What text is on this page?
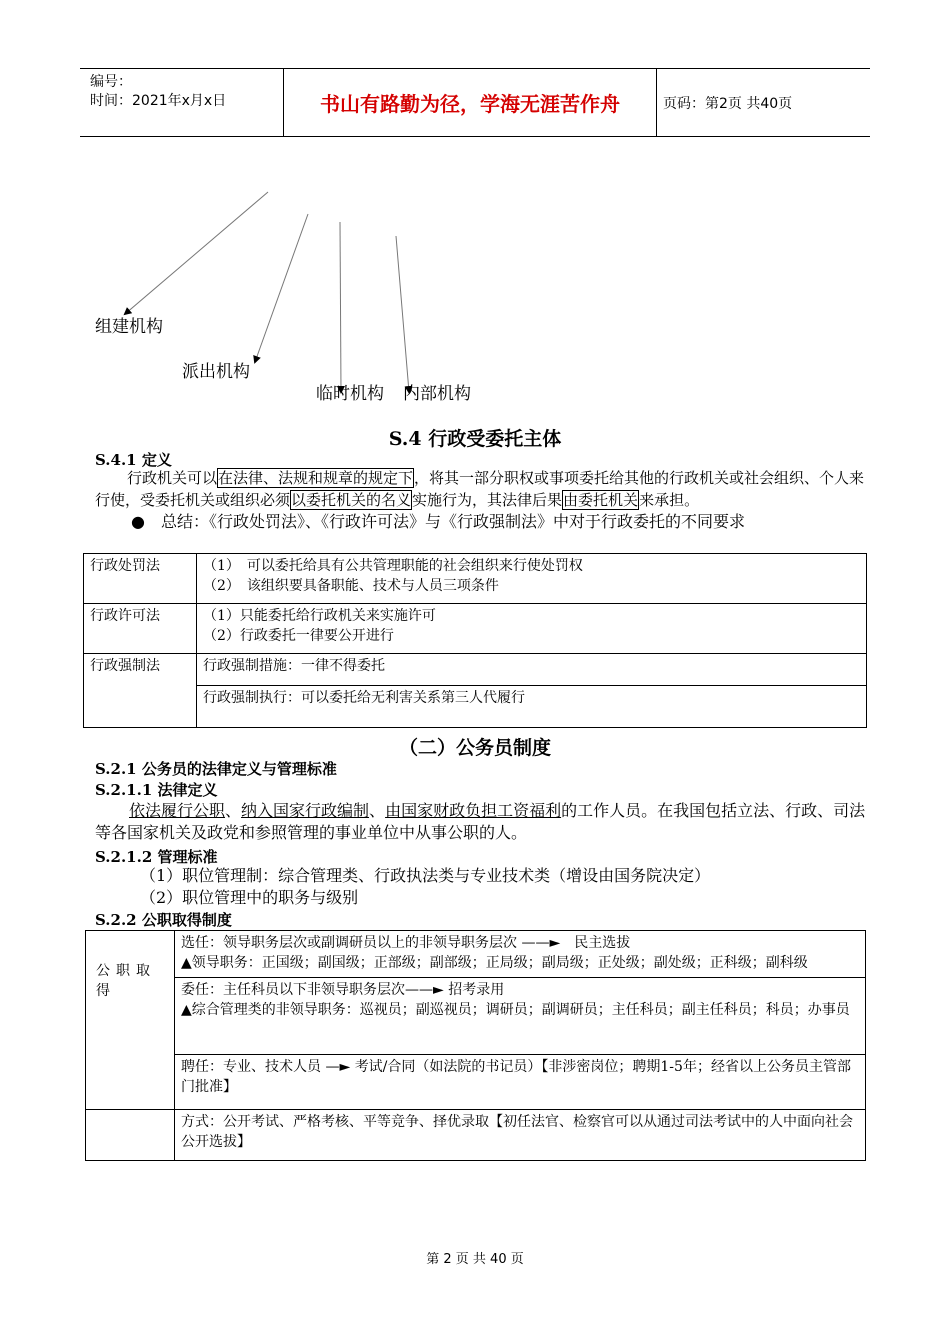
编号：
时间：2021年x月x日	书山有路勤为径，学海无涯苦作舟	页码：第2页 共40页
组建机构
派出机构
临时机构 内部机构
S.4 行政受委托主体
S.4.1 定义
行政机关可以在法律、法规和规章的规定下，将其一部分职权或事项委托给其他的行政机关或社会组织、个人来行使，受委托机关或组织必须以委托机关的名义实施行为，其法律后果由委托机关来承担。
●　总结：《行政处罚法》、《行政许可法》与《行政强制法》中对于行政委托的不同要求
行政处罚法	（1）　可以委托给具有公共管理职能的社会组织来行使处罚权
（2）　该组织要具备职能、技术与人员三项条件

行政许可法	（1）只能委托给行政机关来实施许可
（2）行政委托一律要公开进行

行政强制法	行政强制措施：一律不得委托
	行政强制执行：可以委托给无利害关系第三人代履行
（二）公务员制度
S.2.1 公务员的法律定义与管理标准
S.2.1.1 法律定义
依法履行公职、纳入国家行政编制、由国家财政负担工资福利的工作人员。在我国包括立法、行政、司法等各国家机关及政党和参照管理的事业单位中从事公职的人。
S.2.1.2 管理标准
（1）职位管理制：综合管理类、行政执法类与专业技术类（增设由国务院决定）
（2）职位管理中的职务与级别
S.2.2 公职取得制度
公职取得	选任：领导职务层次或副调研员以上的非领导职务层次 ——►　 民主选拔
▲领导职务：正国级；副国级；正部级；副部级；正局级；副局级；正处级；副处级；正科级；副科级

	委任：主任科员以下非领导职务层次——► 招考录用
▲综合管理类的非领导职务：巡视员；副巡视员；调研员；副调研员；主任科员；副主任科员；科员；办事员

	聘任：专业、技术人员 —► 考试/合同（如法院的书记员）【非涉密岗位；聘期1-5年；经省以上公务员主管部门批准】
	方式：公开考试、严格考核、平等竞争、择优录取【初任法官、检察官可以从通过司法考试中的人中面向社会公开选拔】
第 2 页 共 40 页
